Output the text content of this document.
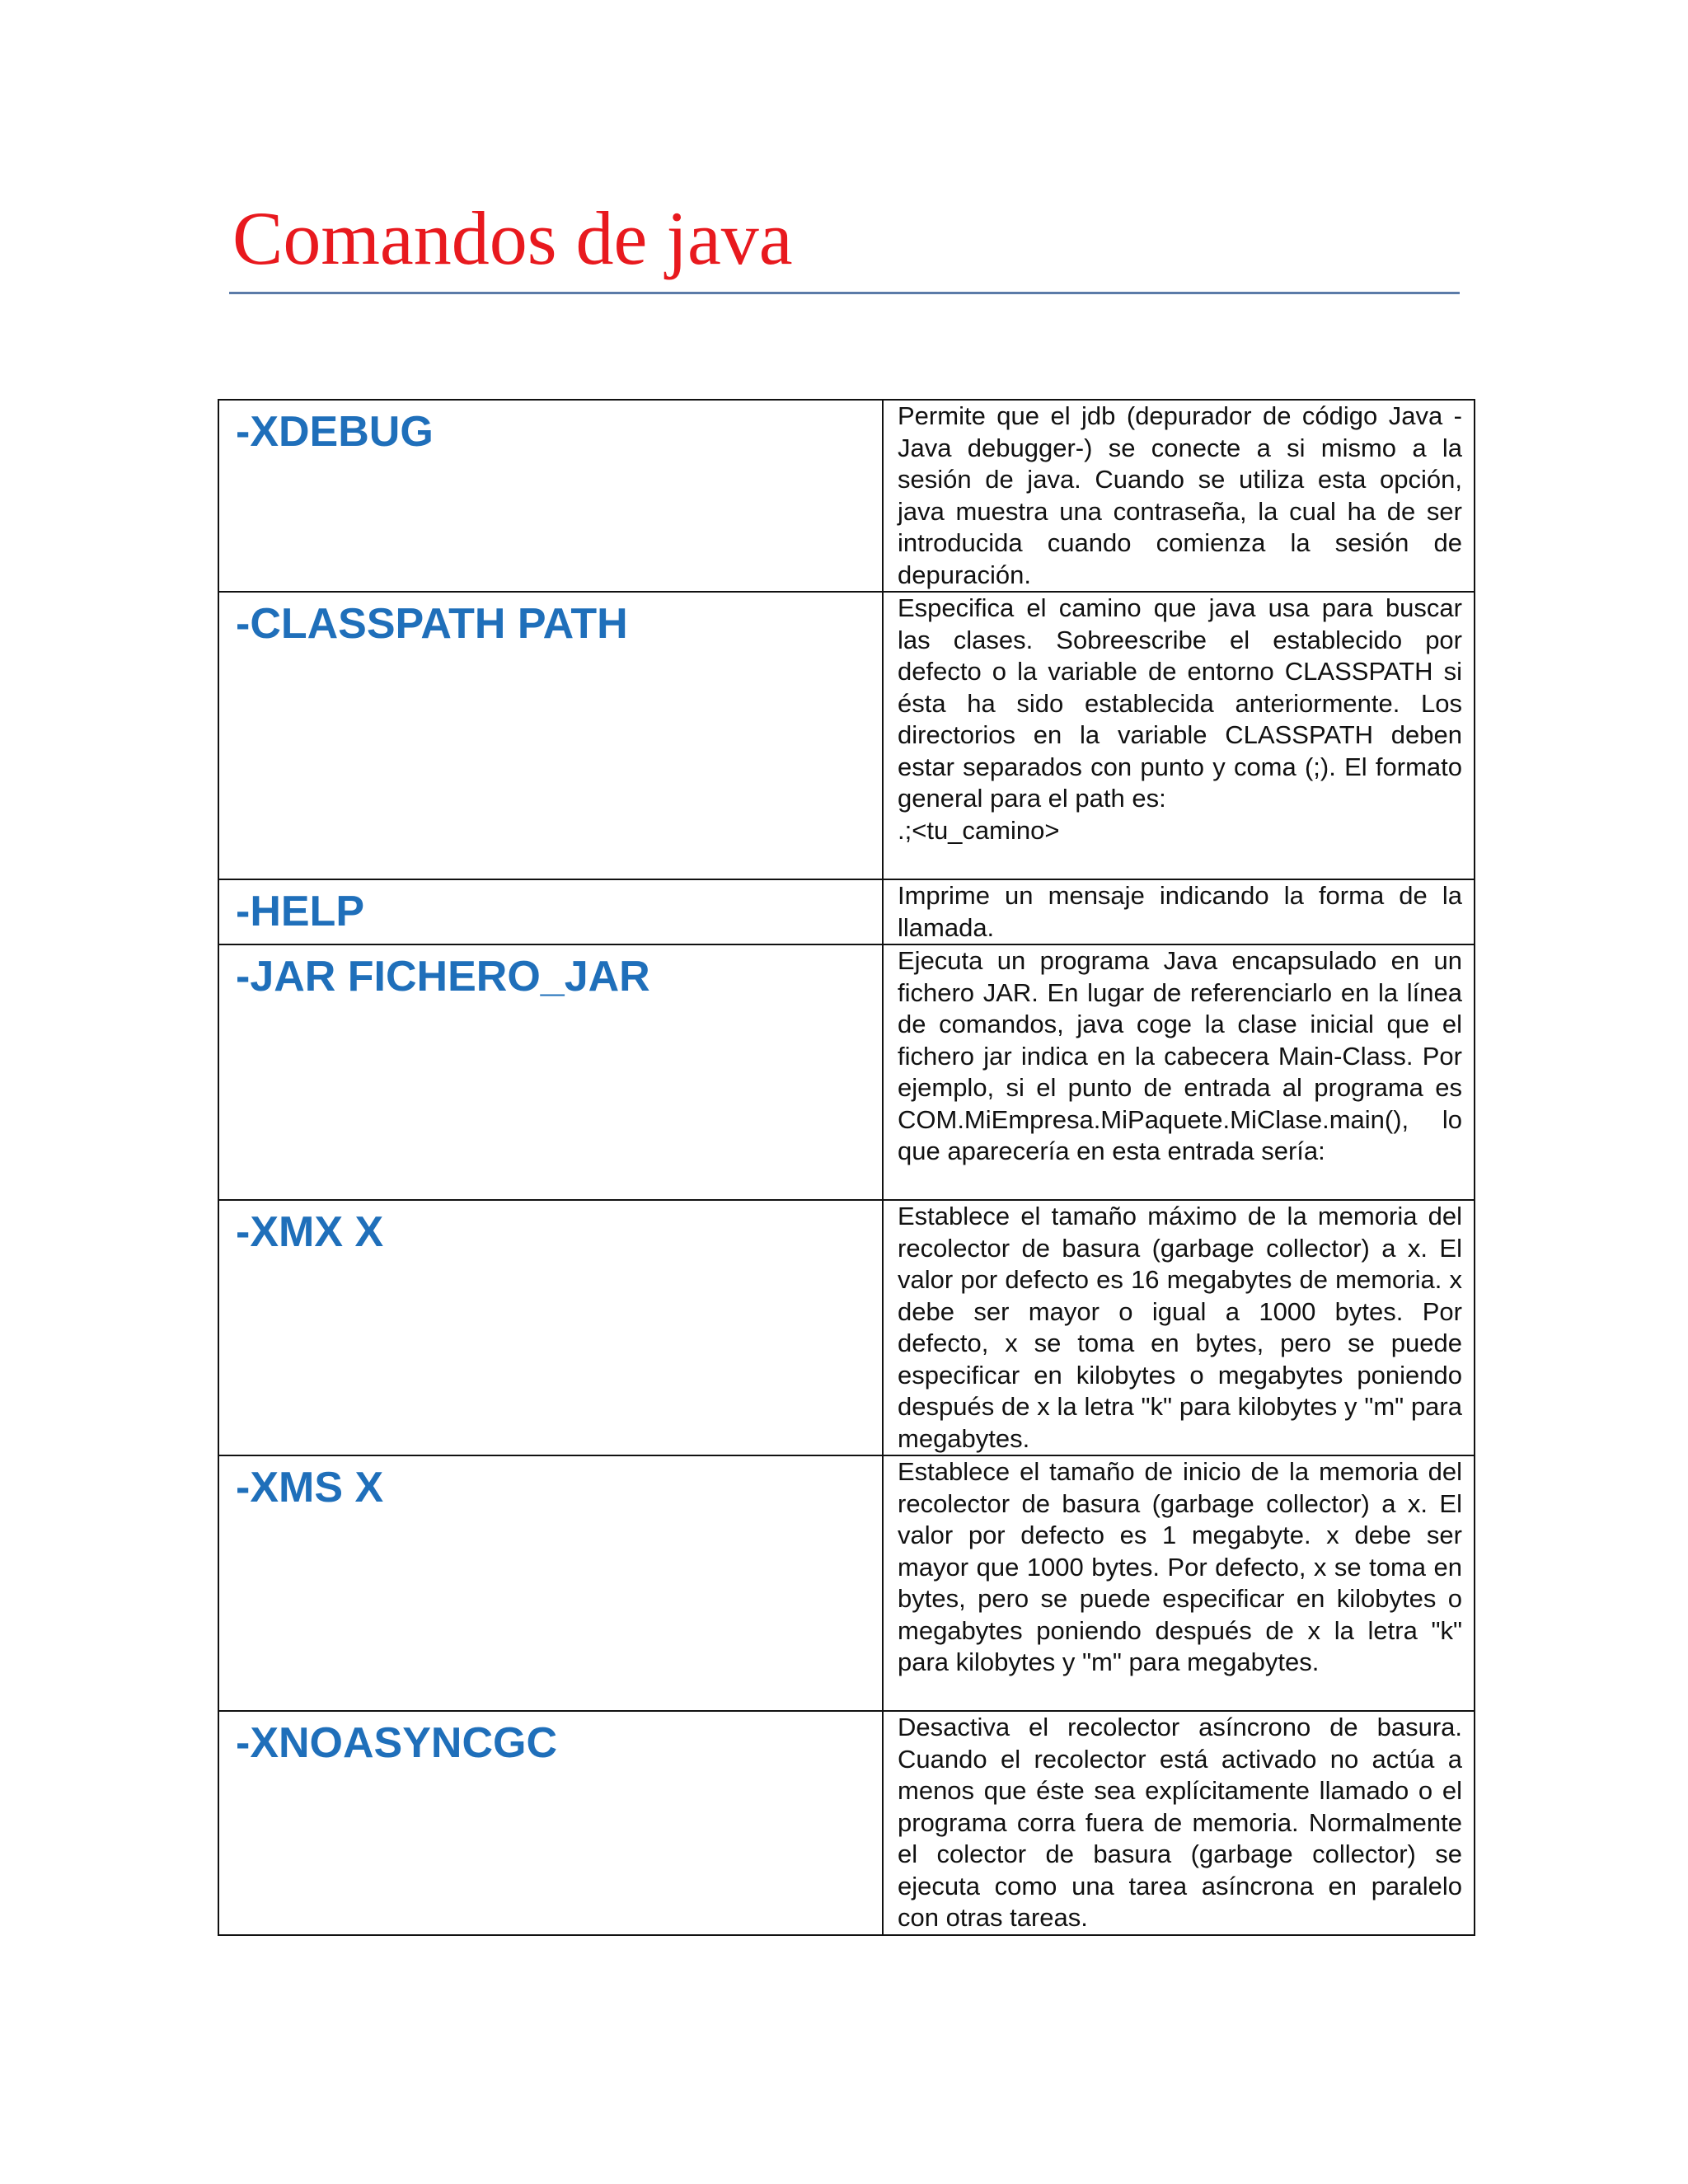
Comandos de java
-XDEBUG	Permite que el jdb (depurador de código Java -Java debugger-) se conecte a si mismo a la sesión de java. Cuando se utiliza esta opción, java muestra una contraseña, la cual ha de ser introducida cuando comienza la sesión de depuración.

-CLASSPATH PATH	Especifica el camino que java usa para buscar las clases. Sobreescribe el establecido por defecto o la variable de entorno CLASSPATH si ésta ha sido establecida anteriormente. Los directorios en la variable CLASSPATH deben estar separados con punto y coma (;). El formato general para el path es:
.;<tu_camino>

-HELP	Imprime un mensaje indicando la forma de la llamada.

-JAR FICHERO_JAR	Ejecuta un programa Java encapsulado en un fichero JAR. En lugar de referenciarlo en la línea de comandos, java coge la clase inicial que el fichero jar indica en la cabecera Main-Class. Por ejemplo, si el punto de entrada al programa es COM.MiEmpresa.MiPaquete.MiClase.main(), lo que aparecería en esta entrada sería:

-XMX X	Establece el tamaño máximo de la memoria del recolector de basura (garbage collector) a x. El valor por defecto es 16 megabytes de memoria. x debe ser mayor o igual a 1000 bytes. Por defecto, x se toma en bytes, pero se puede especificar en kilobytes o megabytes poniendo después de x la letra "k" para kilobytes y "m" para megabytes.

-XMS X	Establece el tamaño de inicio de la memoria del recolector de basura (garbage collector) a x. El valor por defecto es 1 megabyte. x debe ser mayor que 1000 bytes. Por defecto, x se toma en bytes, pero se puede especificar en kilobytes o megabytes poniendo después de x la letra "k" para kilobytes y "m" para megabytes.

-XNOASYNCGC	Desactiva el recolector asíncrono de basura. Cuando el recolector está activado no actúa a menos que éste sea explícitamente llamado o el programa corra fuera de memoria. Normalmente el colector de basura (garbage collector) se ejecuta como una tarea asíncrona en paralelo con otras tareas.
